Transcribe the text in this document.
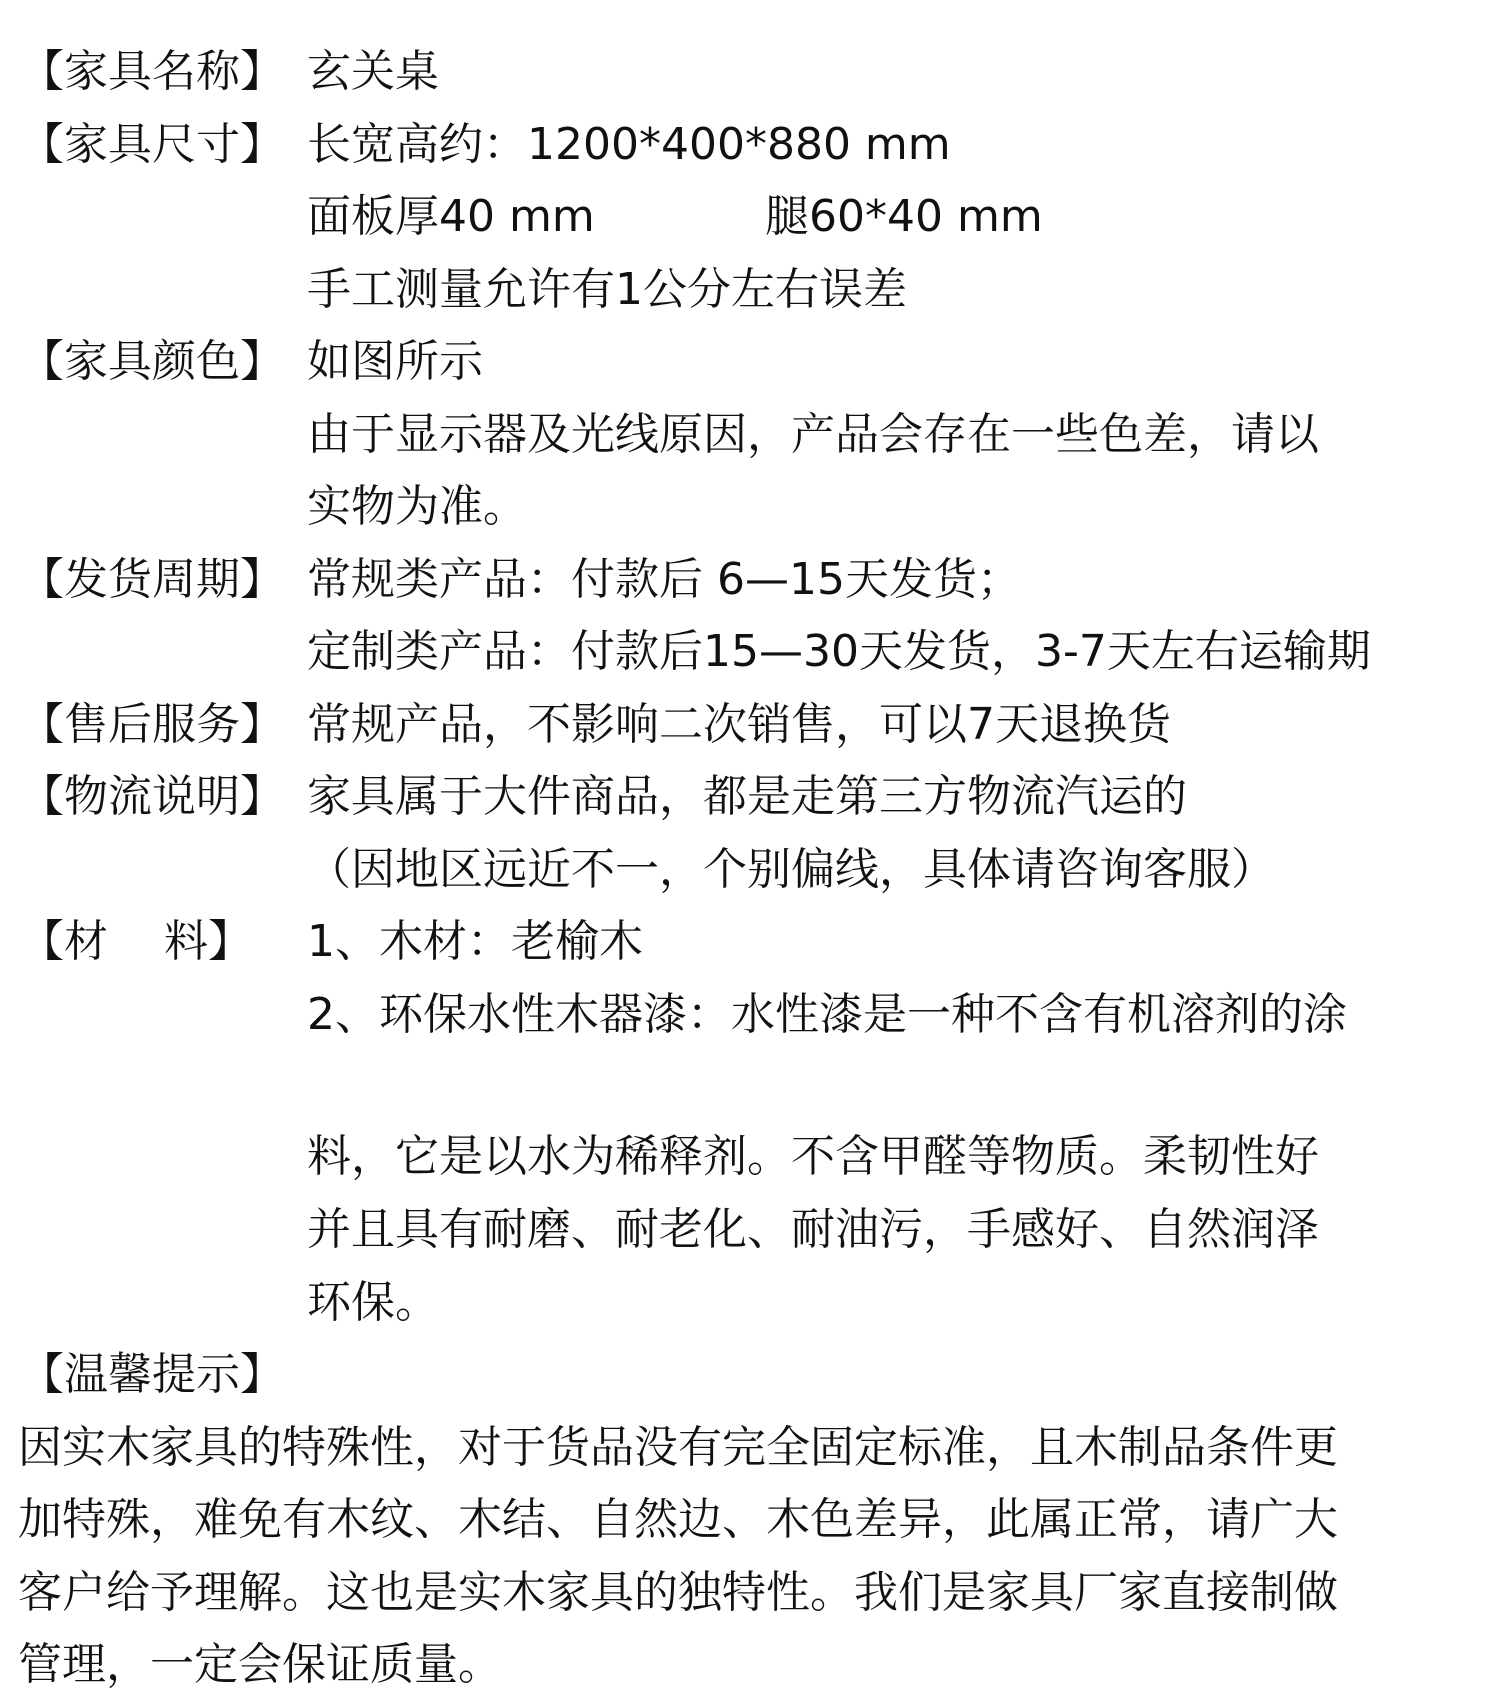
【家具名称】 玄关桌
【家具尺寸】 长宽高约：1200*400*880 mm
面板厚40 mm	腿60*40 mm
手工测量允许有1公分左右误差
【家具颜色】 如图所示
由于显示器及光线原因，产品会存在一些色差，请以
实物为准。
【发货周期】 常规类产品：付款后 6—15天发货；
定制类产品：付款后15—30天发货，3-7天左右运输期
【售后服务】 常规产品，不影响二次销售，可以7天退换货
【物流说明】 家具属于大件商品，都是走第三方物流汽运的
（因地区远近不一，个别偏线，具体请咨询客服）
【材    料】 1、木材：老榆木
2、环保水性木器漆：水性漆是一种不含有机溶剂的涂
料，它是以水为稀释剂。不含甲醛等物质。柔韧性好
并且具有耐磨、耐老化、耐油污，手感好、自然润泽
环保。
【温馨提示】
因实木家具的特殊性，对于货品没有完全固定标准，且木制品条件更
加特殊，难免有木纹、木结、自然边、木色差异，此属正常，请广大
客户给予理解。这也是实木家具的独特性。我们是家具厂家直接制做
管理，一定会保证质量。
